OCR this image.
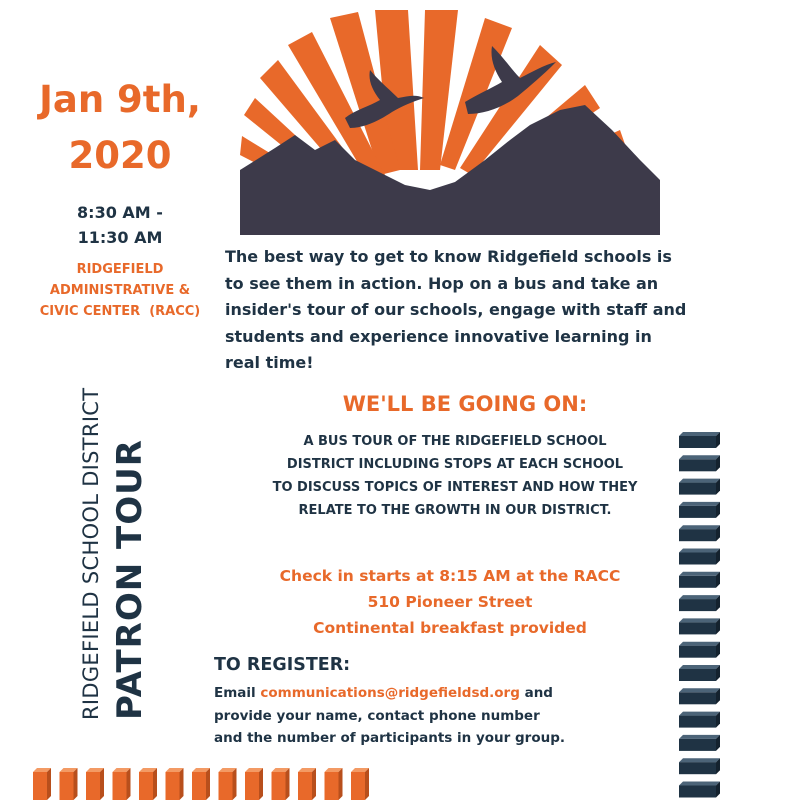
Jan 9th,
2020
8:30 AM -
11:30 AM
RIDGEFIELD
ADMINISTRATIVE &
CIVIC CENTER  (RACC)
RIDGEFIELD SCHOOL DISTRICT PATRON TOUR
The best way to get to know Ridgefield schools is to see them in action. Hop on a bus and take an insider's tour of our schools, engage with staff and students and experience innovative learning in real time!
WE'LL BE GOING ON:
A BUS TOUR OF THE RIDGEFIELD SCHOOL
DISTRICT INCLUDING STOPS AT EACH SCHOOL
TO DISCUSS TOPICS OF INTEREST AND HOW THEY
RELATE TO THE GROWTH IN OUR DISTRICT.
Check in starts at 8:15 AM at the RACC
510 Pioneer Street
Continental breakfast provided
TO REGISTER:
Email communications@ridgefieldsd.org and
provide your name, contact phone number
and the number of participants in your group.
